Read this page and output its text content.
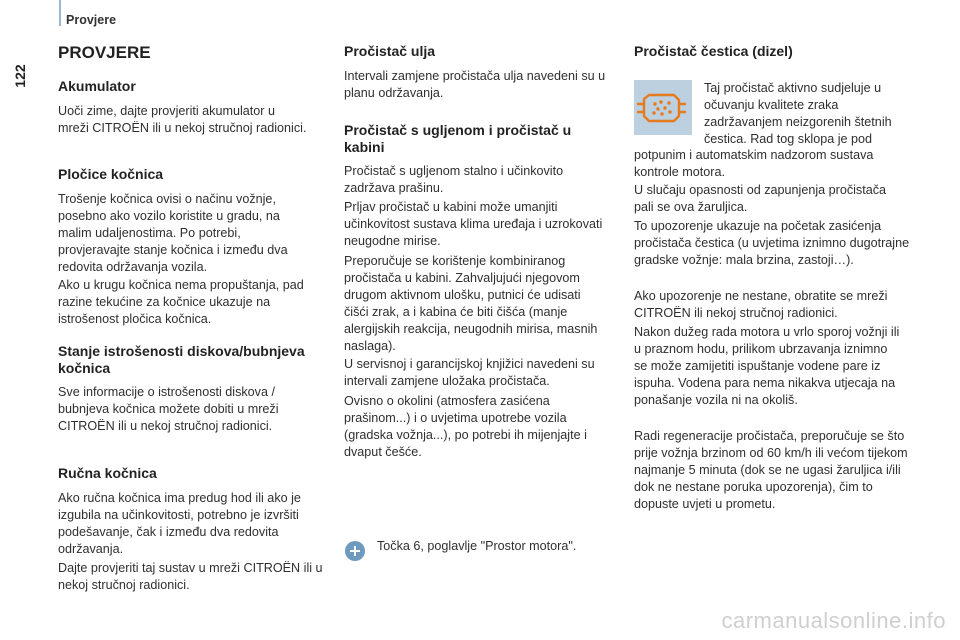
Provjere
122
PROVJERE
Akumulator

Uoči zime, dajte provjeriti akumulator u mreži CITROËN ili u nekoj stručnoj radionici.

Pločice kočnica

Trošenje kočnica ovisi o načinu vožnje, posebno ako vozilo koristite u gradu, na malim udaljenostima. Po potrebi, provjeravajte stanje kočnica i između dva redovita održavanja vozila.

Ako u krugu kočnica nema propuštanja, pad razine tekućine za kočnice ukazuje na istrošenost pločica kočnica.

Stanje istrošenosti diskova/bubnjeva kočnica

Sve informacije o istrošenosti diskova / bubnjeva kočnica možete dobiti u mreži CITROËN ili u nekoj stručnoj radionici.

Ručna kočnica

Ako ručna kočnica ima predug hod ili ako je izgubila na učinkovitosti, potrebno je izvršiti podešavanje, čak i između dva redovita održavanja.

Dajte provjeriti taj sustav u mreži CITROËN ili u nekoj stručnoj radionici.

Pročistač ulja

Intervali zamjene pročistača ulja navedeni su u planu održavanja.

Pročistač s ugljenom i pročistač u kabini

Pročistač s ugljenom stalno i učinkovito zadržava prašinu.

Prljav pročistač u kabini može umanjiti učinkovitost sustava klima uređaja i uzrokovati neugodne mirise.

Preporučuje se korištenje kombiniranog pročistača u kabini. Zahvaljujući njegovom drugom aktivnom ulošku, putnici će udisati čišći zrak, a i kabina će biti čišća (manje alergijskih reakcija, neugodnih mirisa, masnih naslaga).

U servisnoj i garancijskoj knjižici navedeni su intervali zamjene uložaka pročistača.

Ovisno o okolini (atmosfera zasićena prašinom...) i o uvjetima upotrebe vozila (gradska vožnja...), po potrebi ih mijenjajte i dvaput češće.

Točka 6, poglavlje "Prostor motora".

Pročistač čestica (dizel)

Taj pročistač aktivno sudjeluje u očuvanju kvalitete zraka zadržavanjem neizgorenih štetnih čestica. Rad tog sklopa je pod

potpunim i automatskim nadzorom sustava kontrole motora.

U slučaju opasnosti od zapunjenja pročistača pali se ova žaruljica.

To upozorenje ukazuje na početak zasićenja pročistača čestica (u uvjetima iznimno dugotrajne gradske vožnje: mala brzina, zastoji…).

Ako upozorenje ne nestane, obratite se mreži CITROËN ili nekoj stručnoj radionici.

Nakon dužeg rada motora u vrlo sporoj vožnji ili u praznom hodu, prilikom ubrzavanja iznimno se može zamijetiti ispuštanje vodene pare iz ispuha. Vodena para nema nikakva utjecaja na ponašanje vozila ni na okoliš.

Radi regeneracije pročistača, preporučuje se što prije vožnja brzinom od 60 km/h ili većom tijekom najmanje 5 minuta (dok se ne ugasi žaruljica i/ili dok ne nestane poruka upozorenja), čim to dopuste uvjeti u prometu.

carmanualsonline.info
